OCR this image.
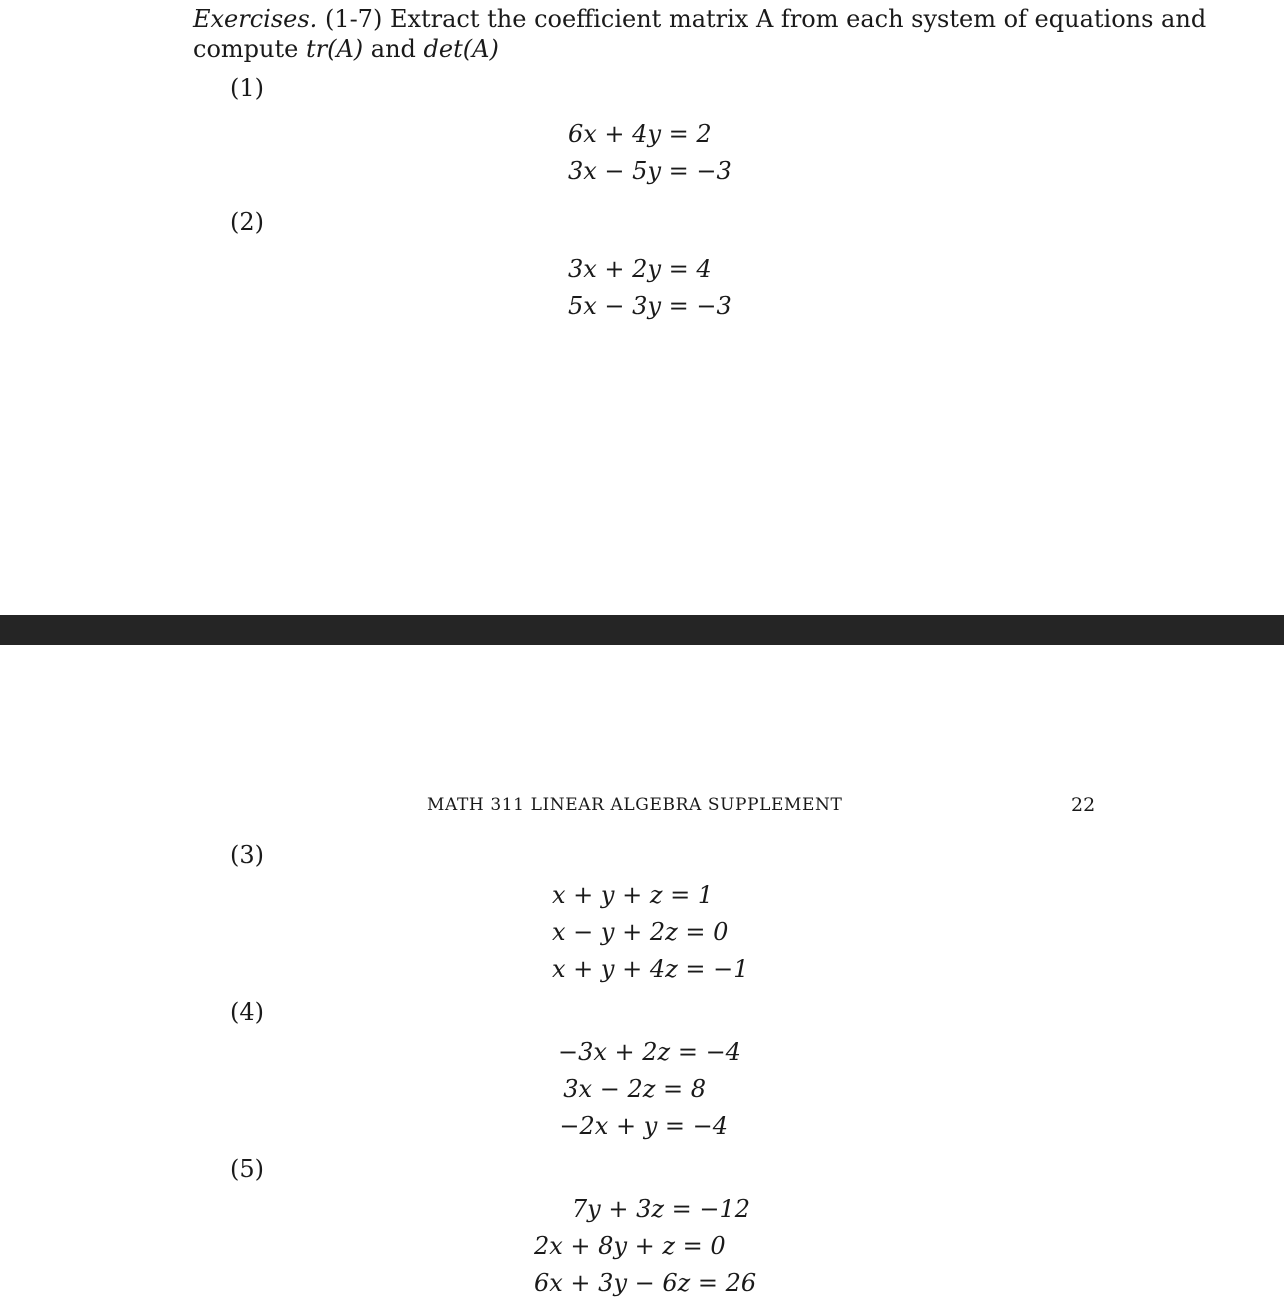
Exercises. (1-7) Extract the coefficient matrix A from each system of equations and
compute tr(A) and det(A)
(1)
6x + 4y = 2
3x − 5y = −3
(2)
3x + 2y = 4
5x − 3y = −3
MATH 311 LINEAR ALGEBRA SUPPLEMENT	22
(3)
x + y + z = 1
x − y + 2z = 0
x + y + 4z = −1
(4)
−3x + 2z = −4
3x − 2z = 8
−2x + y = −4
(5)
7y + 3z = −12
2x + 8y + z = 0
6x + 3y − 6z = 26
